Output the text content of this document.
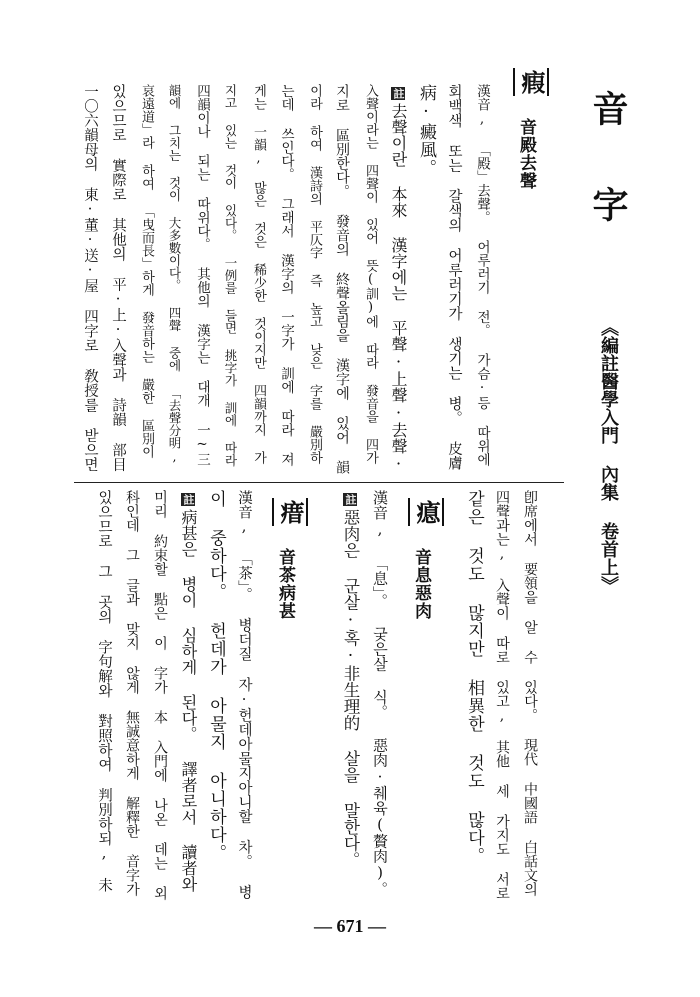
音字
《編註醫學入門 內集 卷首上》
瘕
音殿去聲
漢音, 「殿」去聲。 어루러기 전。 가슴·등 따위에
회백색 또는 갈색의 어루러기가 생기는 병。 皮膚
病·癜風。
註去聲이란 本來 漢字에는 平聲·上聲·去聲·
入聲이라는 四聲이 있어 뜻(訓)에 따라 發音을 四가
지로 區別한다。 發音의 終聲올림을 漢字에 있어 韻
이라 하여 漢詩의 平仄字 즉 높고 낮은 字를 嚴別하
는데 쓰인다。 그래서 漢字의 一字가 訓에 따라 져
게는 一韻, 많은 것은 稀少한 것이지만 四韻까지 가
지고 있는 것이 있다。 一例를 들면 挑字가 訓에 따라
四韻이나 되는 따위다。 其他의 漢字는 대개 一~三
韻에 그치는 것이 大多數이다。 四聲 중에 「去聲分明,
哀遠道」라 하여 「曳而長」하게 發音하는 嚴한 區別이
있으므로 實際로 其他의 平·上·入聲과 詩韻 部目
一〇六韻母의 東·董·送·屋 四字로 敎授를 받으면
卽席에서 要領을 알 수 있다。 現代 中國語 白話文의
四聲과는, 入聲이 따로 있고, 其他 세 가지도 서로
같은 것도 많지만 相異한 것도 많다。
瘜
音息惡肉
漢音, 「息」。 궂은살 식。 惡肉·췌육(贅肉)。
註惡肉은 군살·혹·非生理的 살을 말한다。
瘄
音茶病甚
漢音, 「茶」。 병더질 자·헌데아물지아니할 차。 병
이 중하다。 헌데가 아물지 아니하다。
註病甚은 병이 심하게 된다。 譯者로서 讀者와
미리 約束할 點은 이 字가 本 入門에 나온 데는 외
科인데 그 글과 맞지 않게 無誠意하게 解釋한 音字가
있으므로 그 곳의 字句解와 對照하여 判別하되, 未
— 671 —
